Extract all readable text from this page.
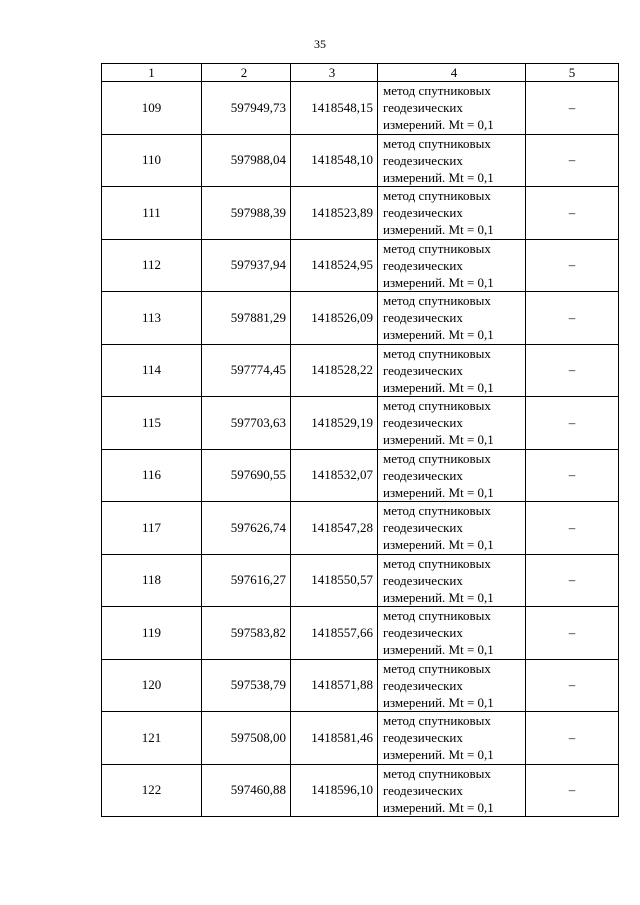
35
1	2	3	4	5
109	597949,73	1418548,15	метод спутниковых
геодезических
измерений. Mt = 0,1	–
110	597988,04	1418548,10	метод спутниковых
геодезических
измерений. Mt = 0,1	–
111	597988,39	1418523,89	метод спутниковых
геодезических
измерений. Mt = 0,1	–
112	597937,94	1418524,95	метод спутниковых
геодезических
измерений. Mt = 0,1	–
113	597881,29	1418526,09	метод спутниковых
геодезических
измерений. Mt = 0,1	–
114	597774,45	1418528,22	метод спутниковых
геодезических
измерений. Mt = 0,1	–
115	597703,63	1418529,19	метод спутниковых
геодезических
измерений. Mt = 0,1	–
116	597690,55	1418532,07	метод спутниковых
геодезических
измерений. Mt = 0,1	–
117	597626,74	1418547,28	метод спутниковых
геодезических
измерений. Mt = 0,1	–
118	597616,27	1418550,57	метод спутниковых
геодезических
измерений. Mt = 0,1	–
119	597583,82	1418557,66	метод спутниковых
геодезических
измерений. Mt = 0,1	–
120	597538,79	1418571,88	метод спутниковых
геодезических
измерений. Mt = 0,1	–
121	597508,00	1418581,46	метод спутниковых
геодезических
измерений. Mt = 0,1	–
122	597460,88	1418596,10	метод спутниковых
геодезических
измерений. Mt = 0,1	–
